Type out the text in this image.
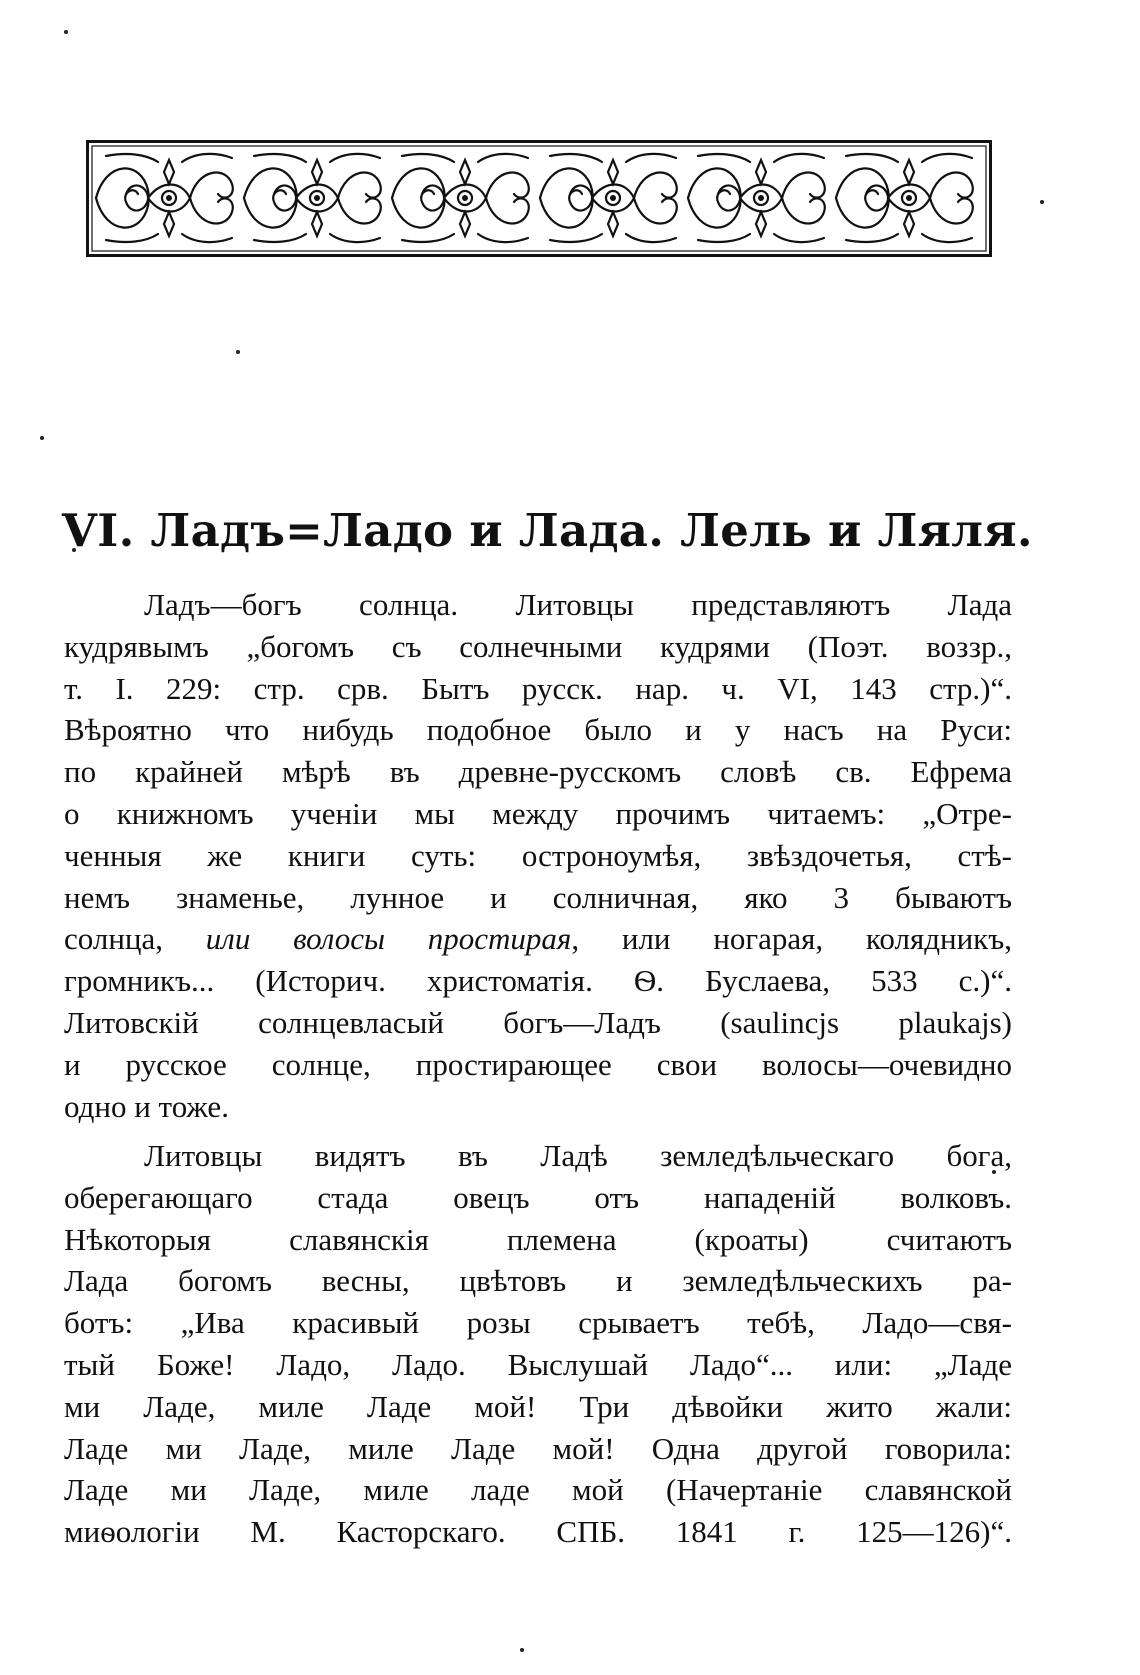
VI. Ладъ=Ладо и Лада. Лель и Ляля.
Ладъ—богъ солнца. Литовцы представляютъ Лада
кудрявымъ „богомъ съ солнечными кудрями (Поэт. воззр.,
т. I. 229: стр. срв. Бытъ русск. нар. ч. VI, 143 стр.)“.
Вѣроятно что нибудь подобное было и у насъ на Руси:
по крайней мѣрѣ въ древне-русскомъ словѣ св. Ефрема
о книжномъ ученіи мы между прочимъ читаемъ: „Отре-
ченныя же книги суть: остроноумѣя, звѣздочетья, стѣ-
немъ знаменье, лунное и солничная, яко 3 бываютъ
солнца, или волосы простирая, или ногарая, колядникъ,
громникъ... (Историч. христоматія. Ѳ. Буслаева, 533 с.)“.
Литовскій солнцевласый богъ—Ладъ (saulincjs plaukajs)
и русское солнце, простирающее свои волосы—очевидно
одно и тоже.
Литовцы видятъ въ Ладѣ земледѣльческаго бога,
оберегающаго стада овецъ отъ нападеній волковъ.
Нѣкоторыя славянскія племена (кроаты) считаютъ
Лада богомъ весны, цвѣтовъ и земледѣльческихъ ра-
ботъ: „Ива красивый розы срываетъ тебѣ, Ладо—свя-
тый Боже! Ладо, Ладо. Выслушай Ладо“... или: „Ладе
ми Ладе, миле Ладе мой! Три дѣвойки жито жали:
Ладе ми Ладе, миле Ладе мой! Одна другой говорила:
Ладе ми Ладе, миле ладе мой (Начертаніе славянской
миѳологіи М. Касторскаго. СПБ. 1841 г. 125—126)“.
